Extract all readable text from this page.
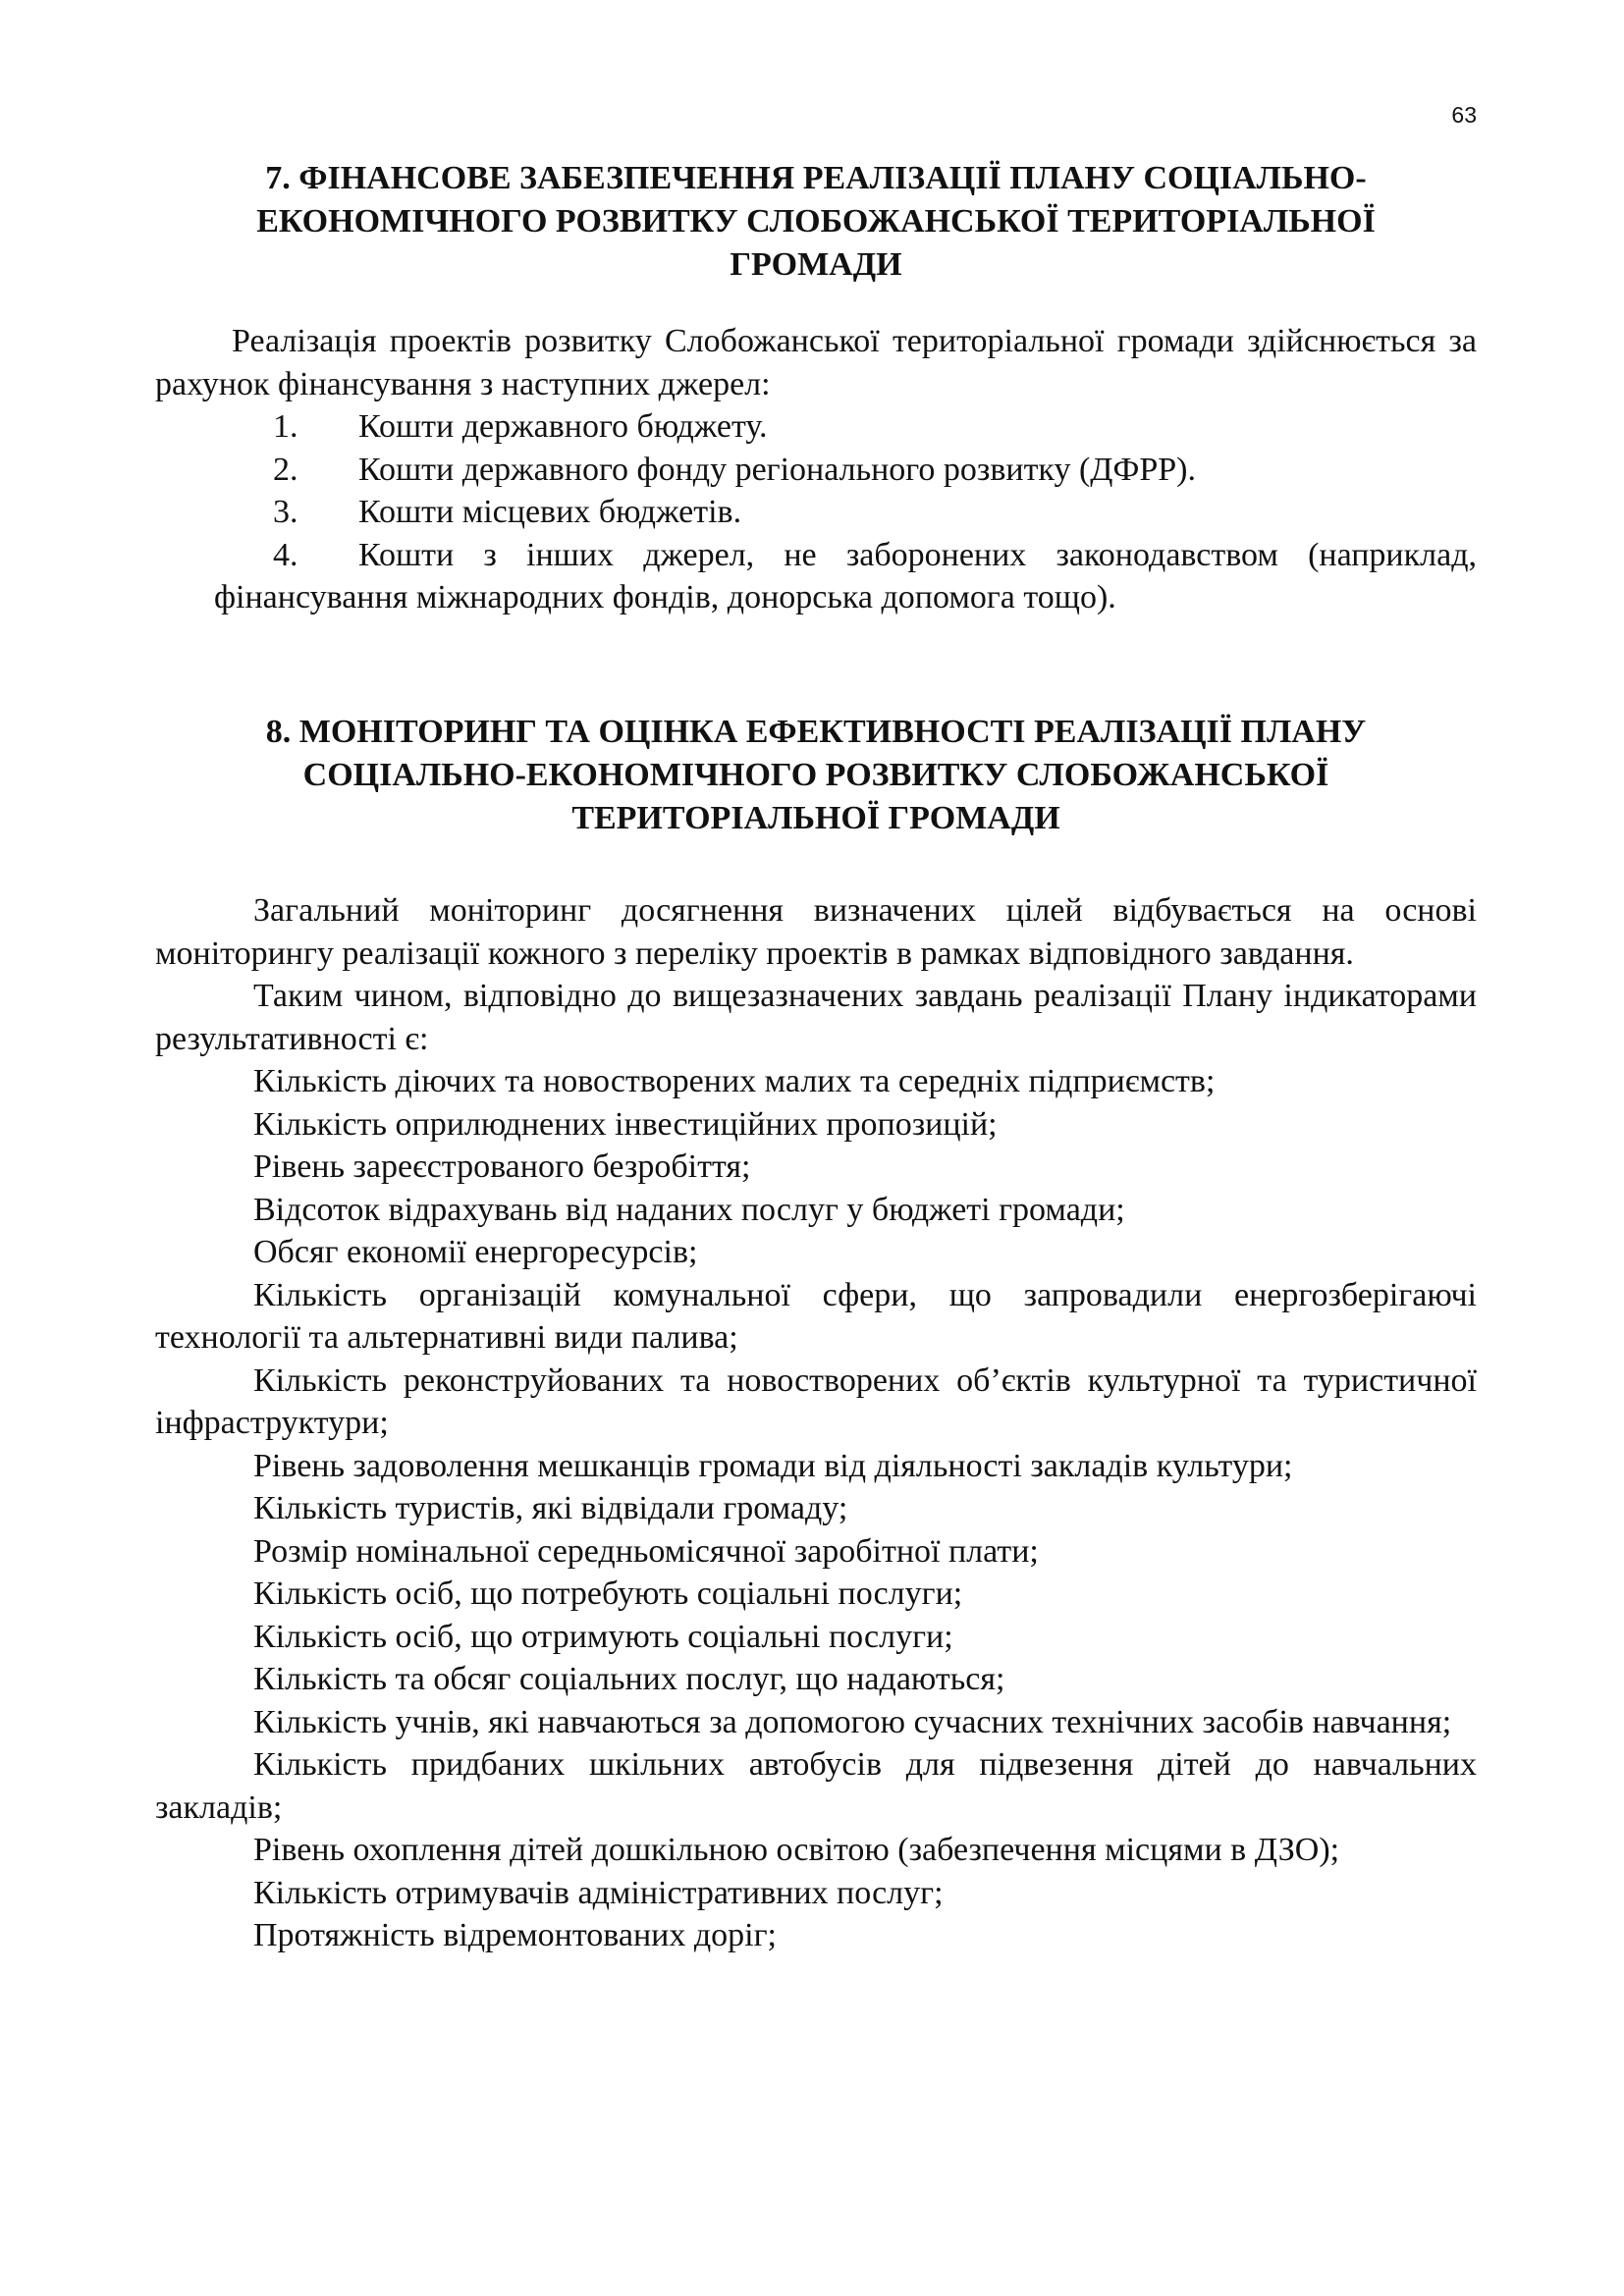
63
7. ФІНАНСОВЕ ЗАБЕЗПЕЧЕННЯ РЕАЛІЗАЦІЇ ПЛАНУ СОЦІАЛЬНО-
ЕКОНОМІЧНОГО РОЗВИТКУ СЛОБОЖАНСЬКОЇ ТЕРИТОРІАЛЬНОЇ
ГРОМАДИ

Реалізація проектів розвитку Слобожанської територіальної громади здійснюється за рахунок фінансування з наступних джерел:

1. Кошти державного бюджету.
2. Кошти державного фонду регіонального розвитку (ДФРР).
3. Кошти місцевих бюджетів.
4. Кошти з інших джерел, не заборонених законодавством (наприклад,
фінансування міжнародних фондів, донорська допомога тощо).
8. МОНІТОРИНГ ТА ОЦІНКА ЕФЕКТИВНОСТІ РЕАЛІЗАЦІЇ ПЛАНУ
СОЦІАЛЬНО-ЕКОНОМІЧНОГО РОЗВИТКУ СЛОБОЖАНСЬКОЇ
ТЕРИТОРІАЛЬНОЇ ГРОМАДИ

Загальний моніторинг досягнення визначених цілей відбувається на основі моніторингу реалізації кожного з переліку проектів в рамках відповідного завдання.

Таким чином, відповідно до вищезазначених завдань реалізації Плану індикаторами результативності є:

Кількість діючих та новостворених малих та середніх підприємств;

Кількість оприлюднених інвестиційних пропозицій;

Рівень зареєстрованого безробіття;

Відсоток відрахувань від наданих послуг у бюджеті громади;

Обсяг економії енергоресурсів;

Кількість організацій комунальної сфери, що запровадили енергозберігаючі технології та альтернативні види палива;

Кількість реконструйованих та новостворених об’єктів культурної та туристичної інфраструктури;

Рівень задоволення мешканців громади від діяльності закладів культури;

Кількість туристів, які відвідали громаду;

Розмір номінальної середньомісячної заробітної плати;

Кількість осіб, що потребують соціальні послуги;

Кількість осіб, що отримують соціальні послуги;

Кількість та обсяг соціальних послуг, що надаються;

Кількість учнів, які навчаються за допомогою сучасних технічних засобів навчання;

Кількість придбаних шкільних автобусів для підвезення дітей до навчальних закладів;

Рівень охоплення дітей дошкільною освітою (забезпечення місцями в ДЗО);

Кількість отримувачів адміністративних послуг;

Протяжність відремонтованих доріг;
